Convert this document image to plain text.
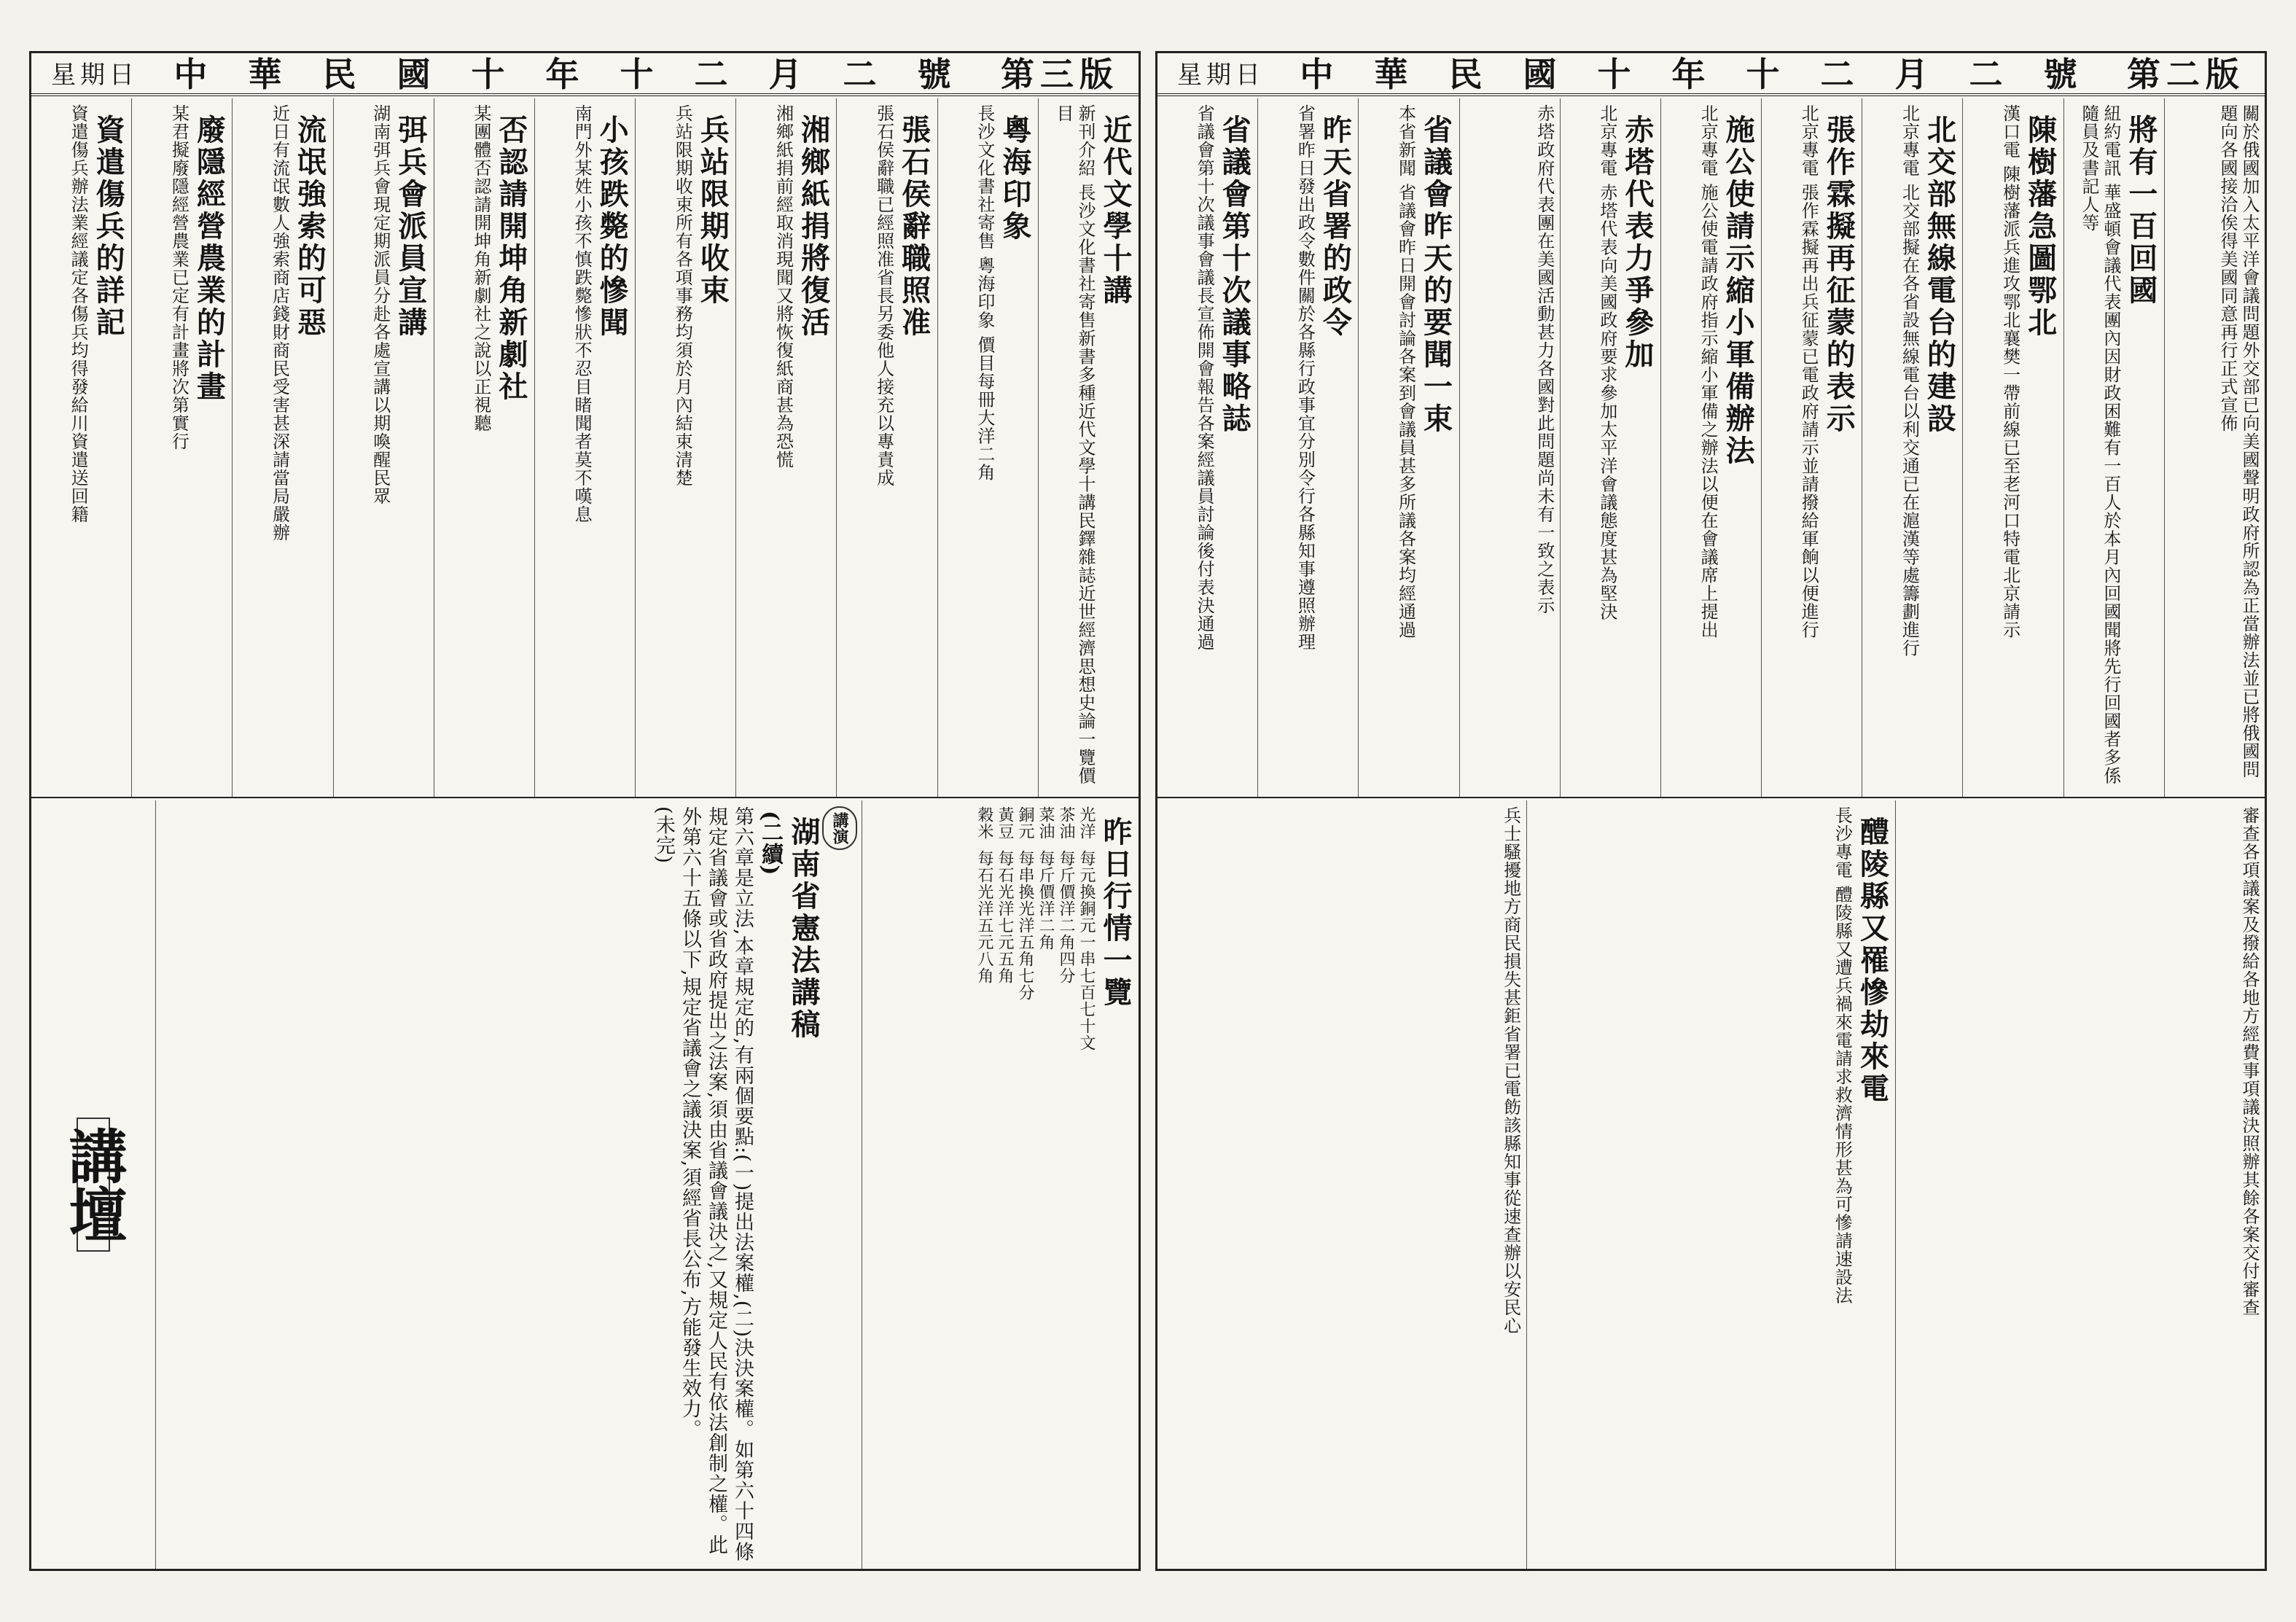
星期日 中 華 民 國 十 年 十 二 月 二 號 第二版
關於俄國加入太平洋會議問題外交部已向美國聲明政府所認為正當辦法並已將俄國問題向各國接洽俟得美國同意再行正式宣佈
將有一百回國
紐約電訊 華盛頓會議代表團內因財政困難有一百人於本月內回國聞將先行回國者多係隨員及書記人等
陳樹藩急圖鄂北
漢口電 陳樹藩派兵進攻鄂北襄樊一帶前線已至老河口特電北京請示
北交部無線電台的建設
北京專電 北交部擬在各省設無線電台以利交通已在滬漢等處籌劃進行
張作霖擬再征蒙的表示
北京專電 張作霖擬再出兵征蒙已電政府請示並請撥給軍餉以便進行
施公使請示縮小軍備辦法
北京專電 施公使電請政府指示縮小軍備之辦法以便在會議席上提出
赤塔代表力爭參加
北京專電 赤塔代表向美國政府要求參加太平洋會議態度甚為堅決
赤塔政府代表團在美國活動甚力各國對此問題尚未有一致之表示
省議會昨天的要聞一束
本省新聞 省議會昨日開會討論各案到會議員甚多所議各案均經通過
昨天省署的政令
省署昨日發出政令數件關於各縣行政事宜分別令行各縣知事遵照辦理
省議會第十次議事略誌
省議會第十次議事會議長宣佈開會報告各案經議員討論後付表決通過
審查各項議案及撥給各地方經費事項議決照辦其餘各案交付審查
醴陵縣又罹慘劫來電
長沙專電 醴陵縣又遭兵禍來電請求救濟情形甚為可慘請速設法
兵士騷擾地方商民損失甚鉅省署已電飭該縣知事從速查辦以安民心
星期日 中 華 民 國 十 年 十 二 月 二 號 第三版
近代文學十講
新刊介紹 長沙文化書社寄售新書多種近代文學十講民鐸雜誌近世經濟思想史論一覽價目
粵海印象
長沙文化書社寄售 粵海印象 價目每冊大洋二角
張石侯辭職照准
張石侯辭職已經照准省長另委他人接充以專責成
湘鄉紙捐將復活
湘鄉紙捐前經取消現聞又將恢復紙商甚為恐慌
兵站限期收束
兵站限期收束所有各項事務均須於月內結束清楚
小孩跌斃的慘聞
南門外某姓小孩不慎跌斃慘狀不忍目睹聞者莫不嘆息
否認請開坤角新劇社
某團體否認請開坤角新劇社之說以正視聽
弭兵會派員宣講
湖南弭兵會現定期派員分赴各處宣講以期喚醒民眾
流氓強索的可惡
近日有流氓數人強索商店錢財商民受害甚深請當局嚴辦
廢隱經營農業的計畫
某君擬廢隱經營農業已定有計畫將次第實行
資遣傷兵的詳記
資遣傷兵辦法業經議定各傷兵均得發給川資遣送回籍
昨日行情一覽
光洋 每元換銅元一串七百七十文
茶油 每斤價洋二角四分
菜油 每斤價洋二角
銅元 每串換光洋五角七分
黃豆 每石光洋七元五角
穀米 每石光洋五元八角
講演
湖南省憲法講稿
(二續)
第六章是立法,本章規定的,有兩個要點:(一)提出法案權,(二)決決案權。如第六十四條規定省議會或省政府提出之法案,須由省議會議決之,又規定人民有依法創制之權。此外第六十五條以下,規定省議會之議決案,須經省長公布,方能發生效力。
(未完)
講壇
